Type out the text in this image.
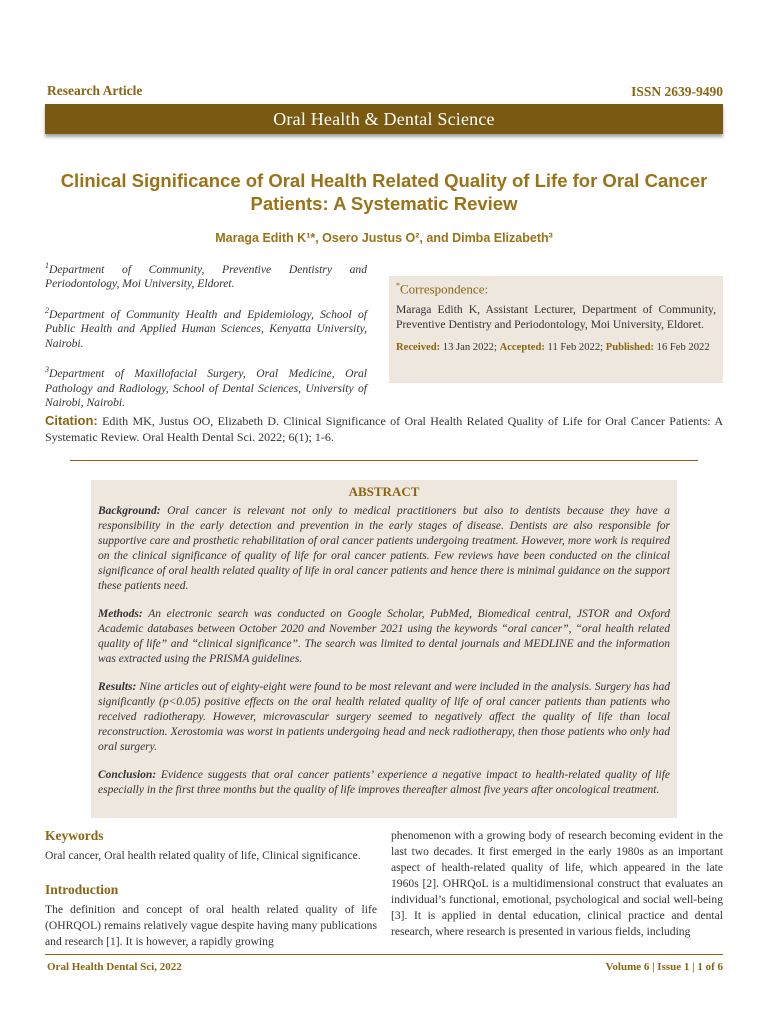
Research Article	ISSN 2639-9490
Oral Health & Dental Science
Clinical Significance of Oral Health Related Quality of Life for Oral Cancer Patients: A Systematic Review
Maraga Edith K¹*, Osero Justus O², and Dimba Elizabeth³

$^1$Department of Community, Preventive Dentistry and Periodontology, Moi University, Eldoret.

$^2$Department of Community Health and Epidemiology, School of Public Health and Applied Human Sciences, Kenyatta University, Nairobi.

$^3$Department of Maxillofacial Surgery, Oral Medicine, Oral Pathology and Radiology, School of Dental Sciences, University of Nairobi, Nairobi.

*Correspondence:
Maraga Edith K, Assistant Lecturer, Department of Community, Preventive Dentistry and Periodontology, Moi University, Eldoret.
Received: 13 Jan 2022; Accepted: 11 Feb 2022; Published: 16 Feb 2022
Citation: Edith MK, Justus OO, Elizabeth D. Clinical Significance of Oral Health Related Quality of Life for Oral Cancer Patients: A Systematic Review. Oral Health Dental Sci. 2022; 6(1); 1-6.
ABSTRACT

Background: Oral cancer is relevant not only to medical practitioners but also to dentists because they have a responsibility in the early detection and prevention in the early stages of disease. Dentists are also responsible for supportive care and prosthetic rehabilitation of oral cancer patients undergoing treatment. However, more work is required on the clinical significance of quality of life for oral cancer patients. Few reviews have been conducted on the clinical significance of oral health related quality of life in oral cancer patients and hence there is minimal guidance on the support these patients need.

Methods: An electronic search was conducted on Google Scholar, PubMed, Biomedical central, JSTOR and Oxford Academic databases between October 2020 and November 2021 using the keywords “oral cancer”, “oral health related quality of life” and “clinical significance”. The search was limited to dental journals and MEDLINE and the information was extracted using the PRISMA guidelines.

Results: Nine articles out of eighty-eight were found to be most relevant and were included in the analysis. Surgery has had significantly (p<0.05) positive effects on the oral health related quality of life of oral cancer patients than patients who received radiotherapy. However, microvascular surgery seemed to negatively affect the quality of life than local reconstruction. Xerostomia was worst in patients undergoing head and neck radiotherapy, then those patients who only had oral surgery.

Conclusion: Evidence suggests that oral cancer patients’ experience a negative impact to health-related quality of life especially in the first three months but the quality of life improves thereafter almost five years after oncological treatment.

Keywords

Oral cancer, Oral health related quality of life, Clinical significance.

Introduction

The definition and concept of oral health related quality of life (OHRQOL) remains relatively vague despite having many publications and research [1]. It is however, a rapidly growing

phenomenon with a growing body of research becoming evident in the last two decades. It first emerged in the early 1980s as an important aspect of health-related quality of life, which appeared in the late 1960s [2]. OHRQoL is a multidimensional construct that evaluates an individual’s functional, emotional, psychological and social well-being [3]. It is applied in dental education, clinical practice and dental research, where research is presented in various fields, including

Oral Health Dental Sci, 2022	Volume 6 | Issue 1 | 1 of 6
